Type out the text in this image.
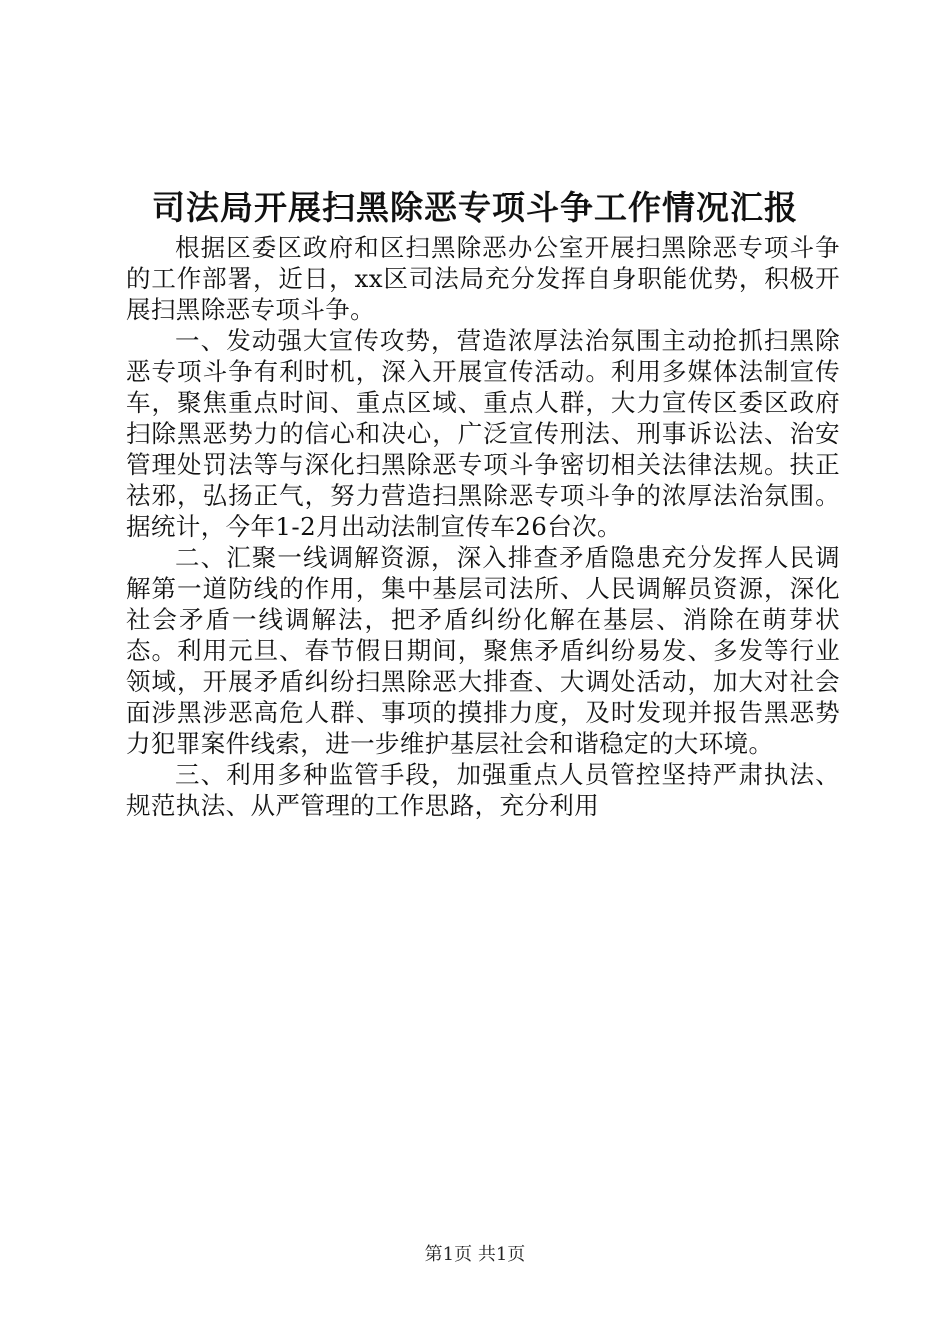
司法局开展扫黑除恶专项斗争工作情况汇报

根据区委区政府和区扫黑除恶办公室开展扫黑除恶专项斗争的工作部署，近日，xx区司法局充分发挥自身职能优势，积极开展扫黑除恶专项斗争。

一、发动强大宣传攻势，营造浓厚法治氛围主动抢抓扫黑除恶专项斗争有利时机，深入开展宣传活动。利用多媒体法制宣传车，聚焦重点时间、重点区域、重点人群，大力宣传区委区政府扫除黑恶势力的信心和决心，广泛宣传刑法、刑事诉讼法、治安管理处罚法等与深化扫黑除恶专项斗争密切相关法律法规。扶正祛邪，弘扬正气，努力营造扫黑除恶专项斗争的浓厚法治氛围。据统计，今年1-2月出动法制宣传车26台次。

二、汇聚一线调解资源，深入排查矛盾隐患充分发挥人民调解第一道防线的作用，集中基层司法所、人民调解员资源，深化社会矛盾一线调解法，把矛盾纠纷化解在基层、消除在萌芽状态。利用元旦、春节假日期间，聚焦矛盾纠纷易发、多发等行业领域，开展矛盾纠纷扫黑除恶大排查、大调处活动，加大对社会面涉黑涉恶高危人群、事项的摸排力度，及时发现并报告黑恶势力犯罪案件线索，进一步维护基层社会和谐稳定的大环境。

三、利用多种监管手段，加强重点人员管控坚持严肃执法、规范执法、从严管理的工作思路，充分利用

第1页 共1页
